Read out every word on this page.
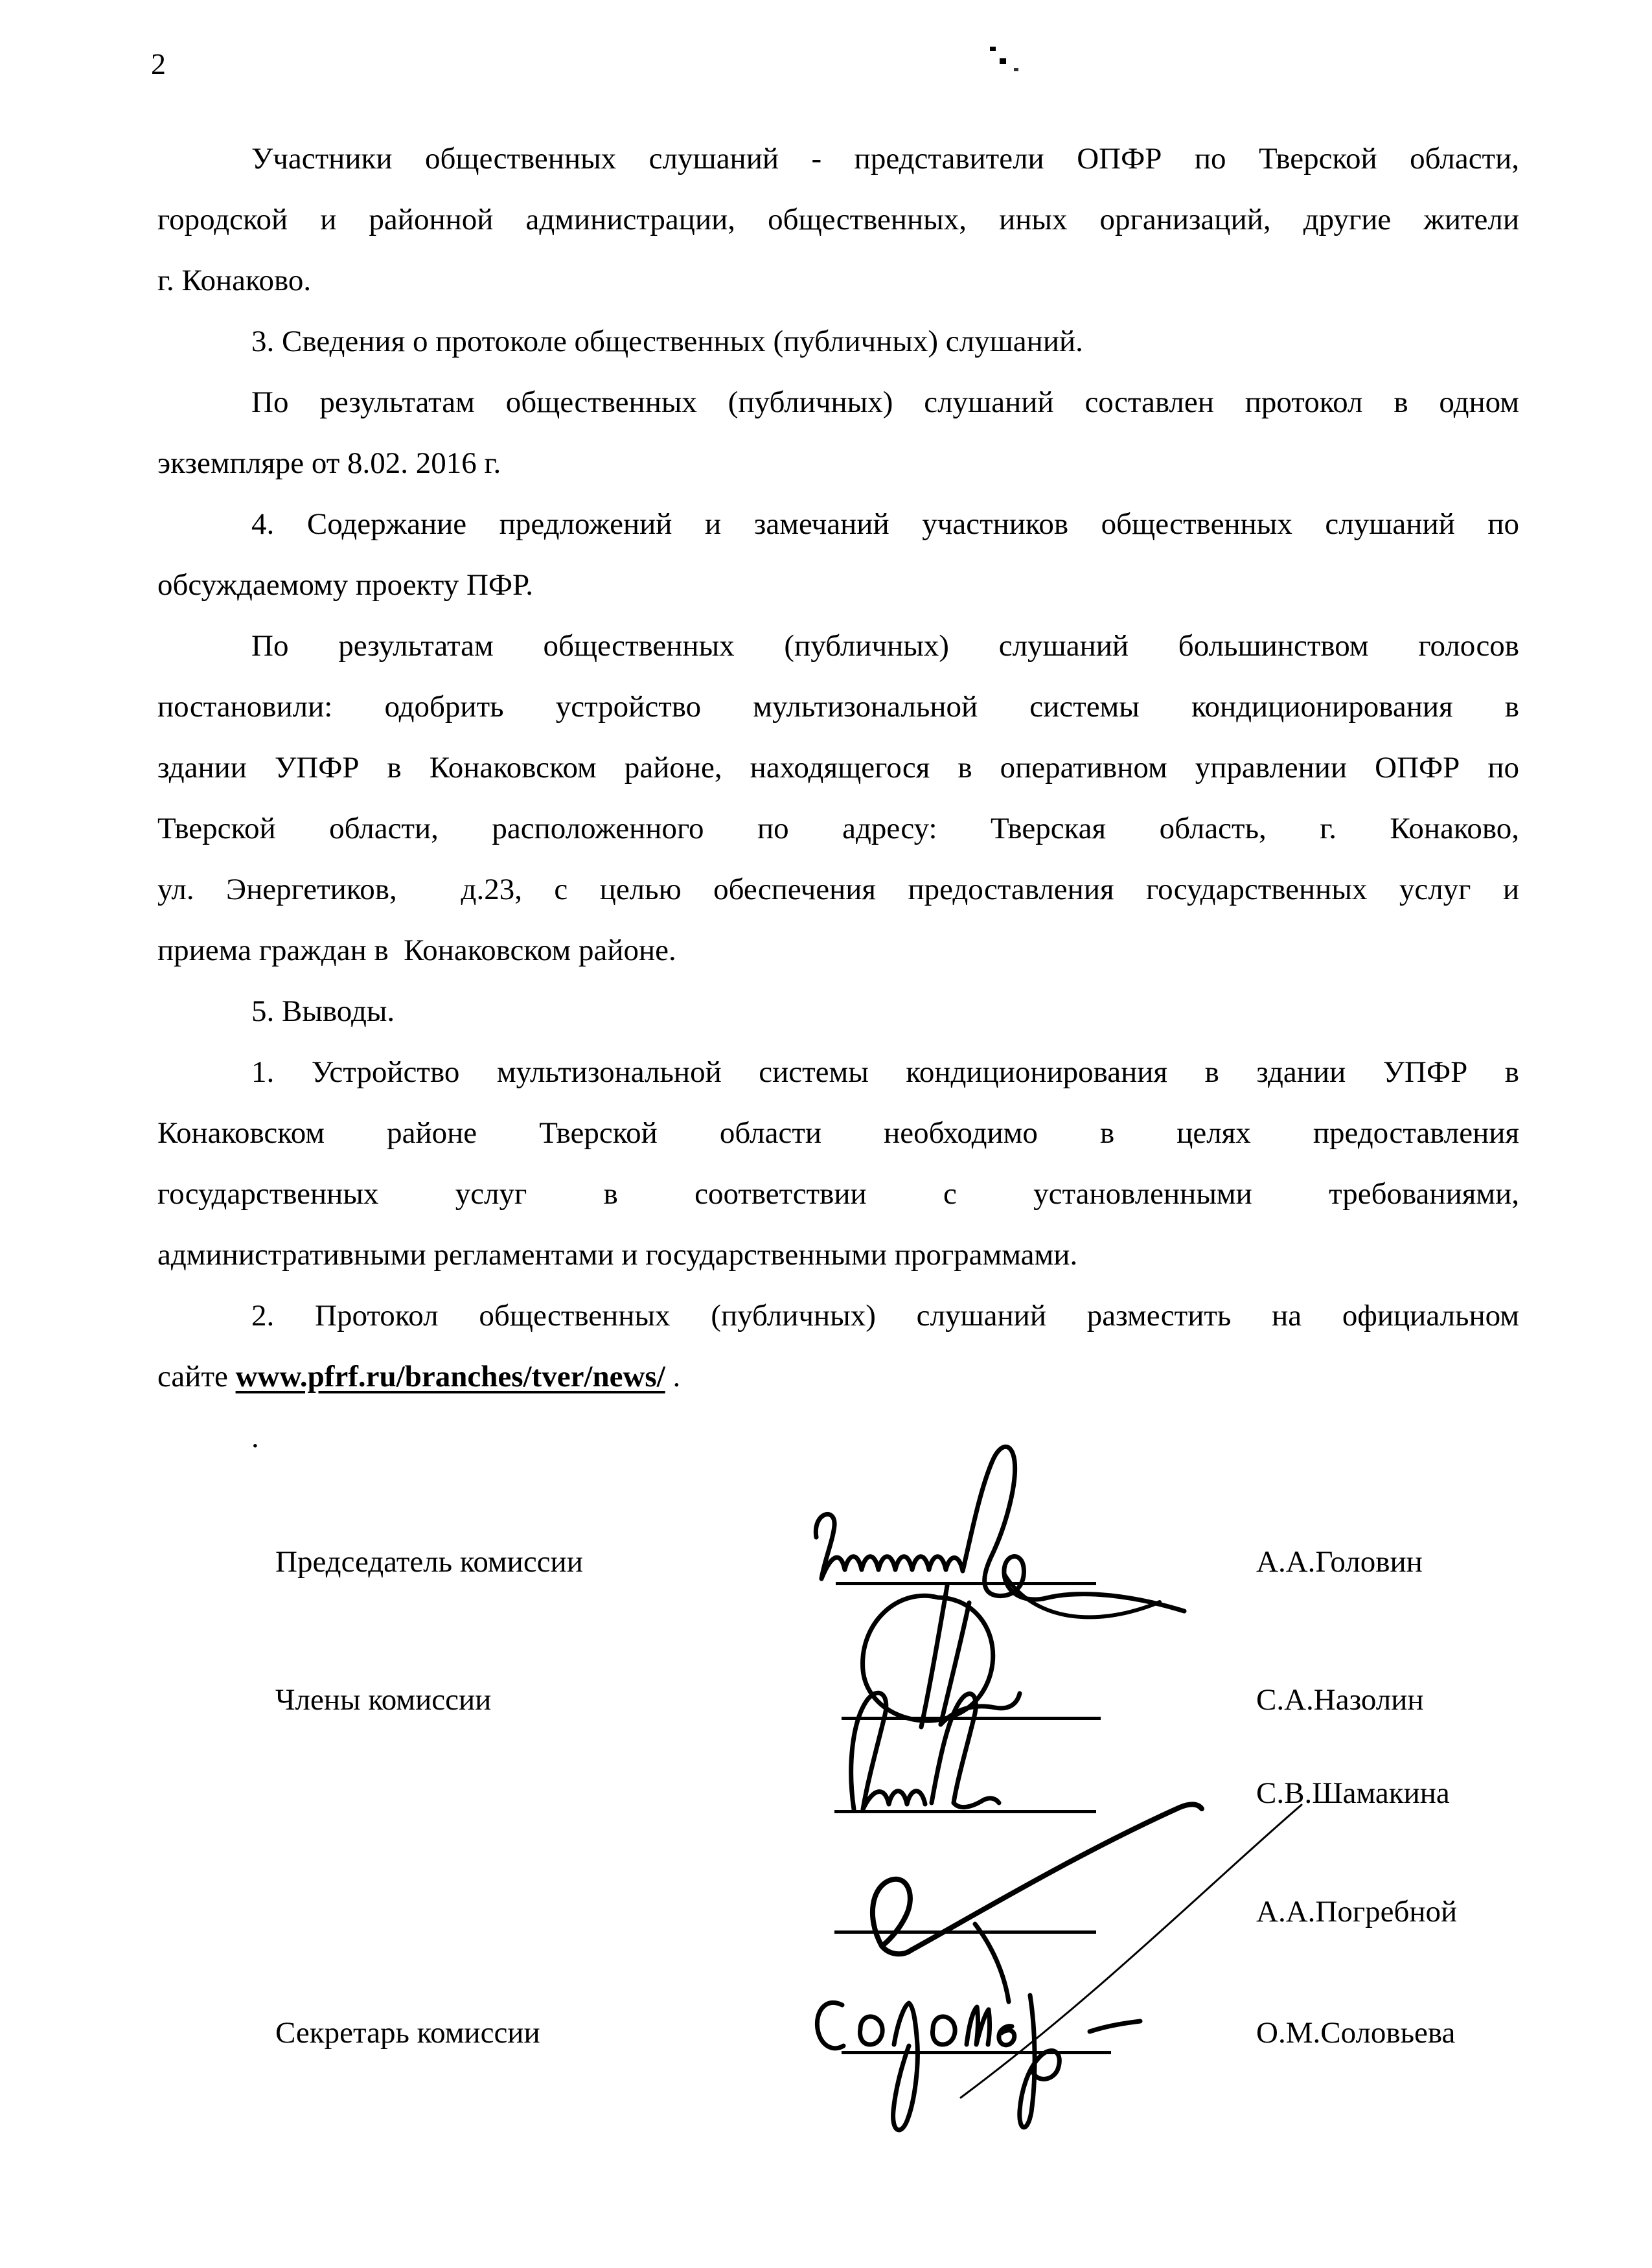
2
Участники общественных слушаний - представители ОПФР по Тверской области,
городской и районной администрации, общественных, иных организаций, другие жители
г. Конаково.
3. Сведения о протоколе общественных (публичных) слушаний.
По результатам общественных (публичных) слушаний составлен протокол в одном
экземпляре от 8.02. 2016 г.
4. Содержание предложений и замечаний участников общественных слушаний по
обсуждаемому проекту ПФР.
По результатам общественных (публичных) слушаний большинством голосов
постановили: одобрить устройство мультизональной системы кондиционирования в
здании УПФР в Конаковском районе, находящегося в оперативном управлении ОПФР по
Тверской области, расположенного по адресу: Тверская область, г. Конаково,
ул. Энергетиков,  д.23, с целью обеспечения предоставления государственных услуг и
приема граждан в  Конаковском районе.
5. Выводы.
1. Устройство мультизональной системы кондиционирования в здании УПФР в
Конаковском районе Тверской области необходимо в целях предоставления
государственных услуг в соответствии с установленными требованиями,
административными регламентами и государственными программами.
2. Протокол общественных (публичных) слушаний разместить на официальном
сайте www.pfrf.ru/branches/tver/news/ .
.
Председатель комиссии	А.А.Головин
Члены комиссии	С.А.Назолин
С.В.Шамакина
А.А.Погребной
Секретарь комиссии	О.М.Соловьева
